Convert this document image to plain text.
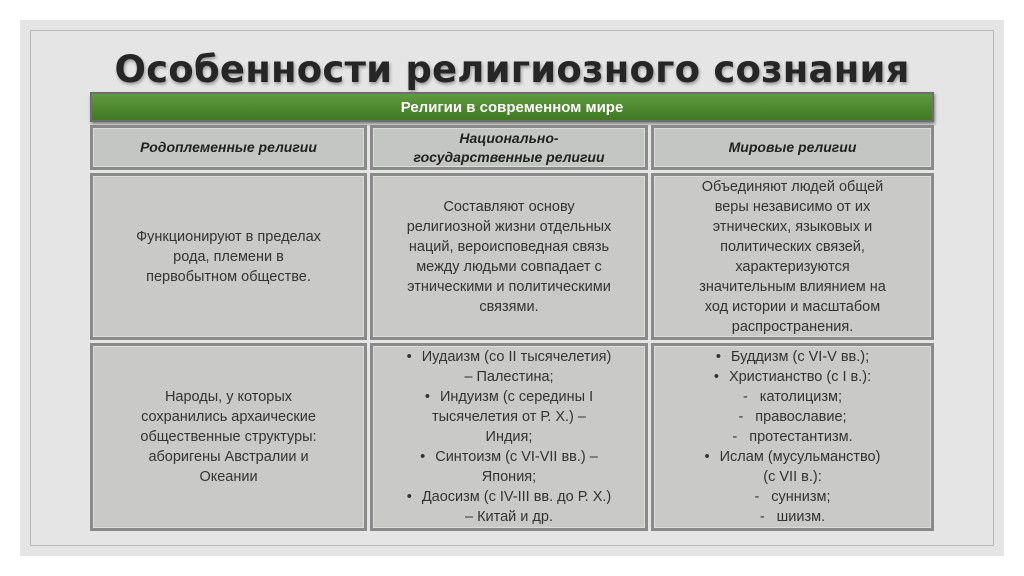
Особенности религиозного сознания
Религии в современном мире
Родоплеменные религии
Национально-
государственные религии
Мировые религии
Функционируют в пределах
рода, племени в
первобытном обществе.
Составляют основу
религиозной жизни отдельных
наций, вероисповедная связь
между людьми совпадает с
этническими и политическими
связями.
Объединяют людей общей
веры независимо от их
этнических, языковых и
политических связей,
характеризуются
значительным влиянием на
ход истории и масштабом
распространения.
Народы, у которых
сохранились архаические
общественные структуры:
аборигены Австралии и
Океании
• Иудаизм (со II тысячелетия)
– Палестина;
• Индуизм (с середины I
тысячелетия от Р. Х.) –
Индия;
• Синтоизм (с VI-VII вв.) –
Япония;
• Даосизм (с IV-III вв. до Р. Х.)
– Китай и др.
• Буддизм (с VI-V вв.);
• Христианство (с I в.):
- католицизм;
- православие;
- протестантизм.
• Ислам (мусульманство)
(с VII в.):
- суннизм;
- шиизм.
